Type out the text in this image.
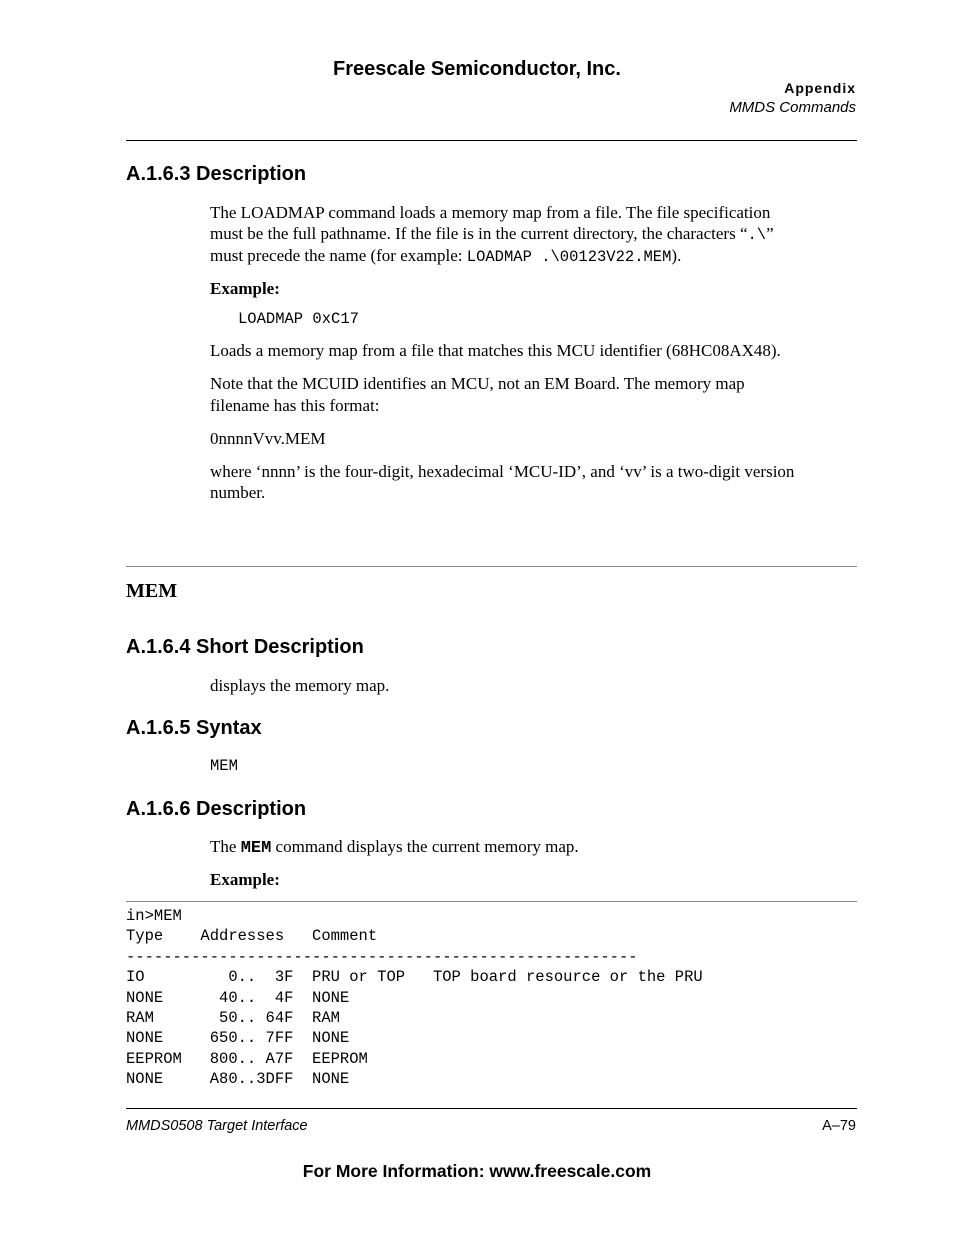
Freescale Semiconductor, Inc.
Appendix
MMDS Commands
A.1.6.3 Description
The LOADMAP command loads a memory map from a file. The file specification
must be the full pathname. If the file is in the current directory, the characters “.\”
must precede the name (for example: LOADMAP .\00123V22.MEM).
Example:
LOADMAP 0xC17
Loads a memory map from a file that matches this MCU identifier (68HC08AX48).
Note that the MCUID identifies an MCU, not an EM Board. The memory map
filename has this format:
0nnnnVvv.MEM
where ‘nnnn’ is the four-digit, hexadecimal ‘MCU-ID’, and ‘vv’ is a two-digit version
number.
MEM
A.1.6.4 Short Description
displays the memory map.
A.1.6.5 Syntax
MEM
A.1.6.6 Description
The MEM command displays the current memory map.
Example:
in>MEM
Type    Addresses   Comment
-------------------------------------------------------
IO         0..  3F  PRU or TOP   TOP board resource or the PRU
NONE      40..  4F  NONE
RAM       50.. 64F  RAM
NONE     650.. 7FF  NONE
EEPROM   800.. A7F  EEPROM
NONE     A80..3DFF  NONE
MMDS0508 Target Interface	A–79
For More Information: www.freescale.com
